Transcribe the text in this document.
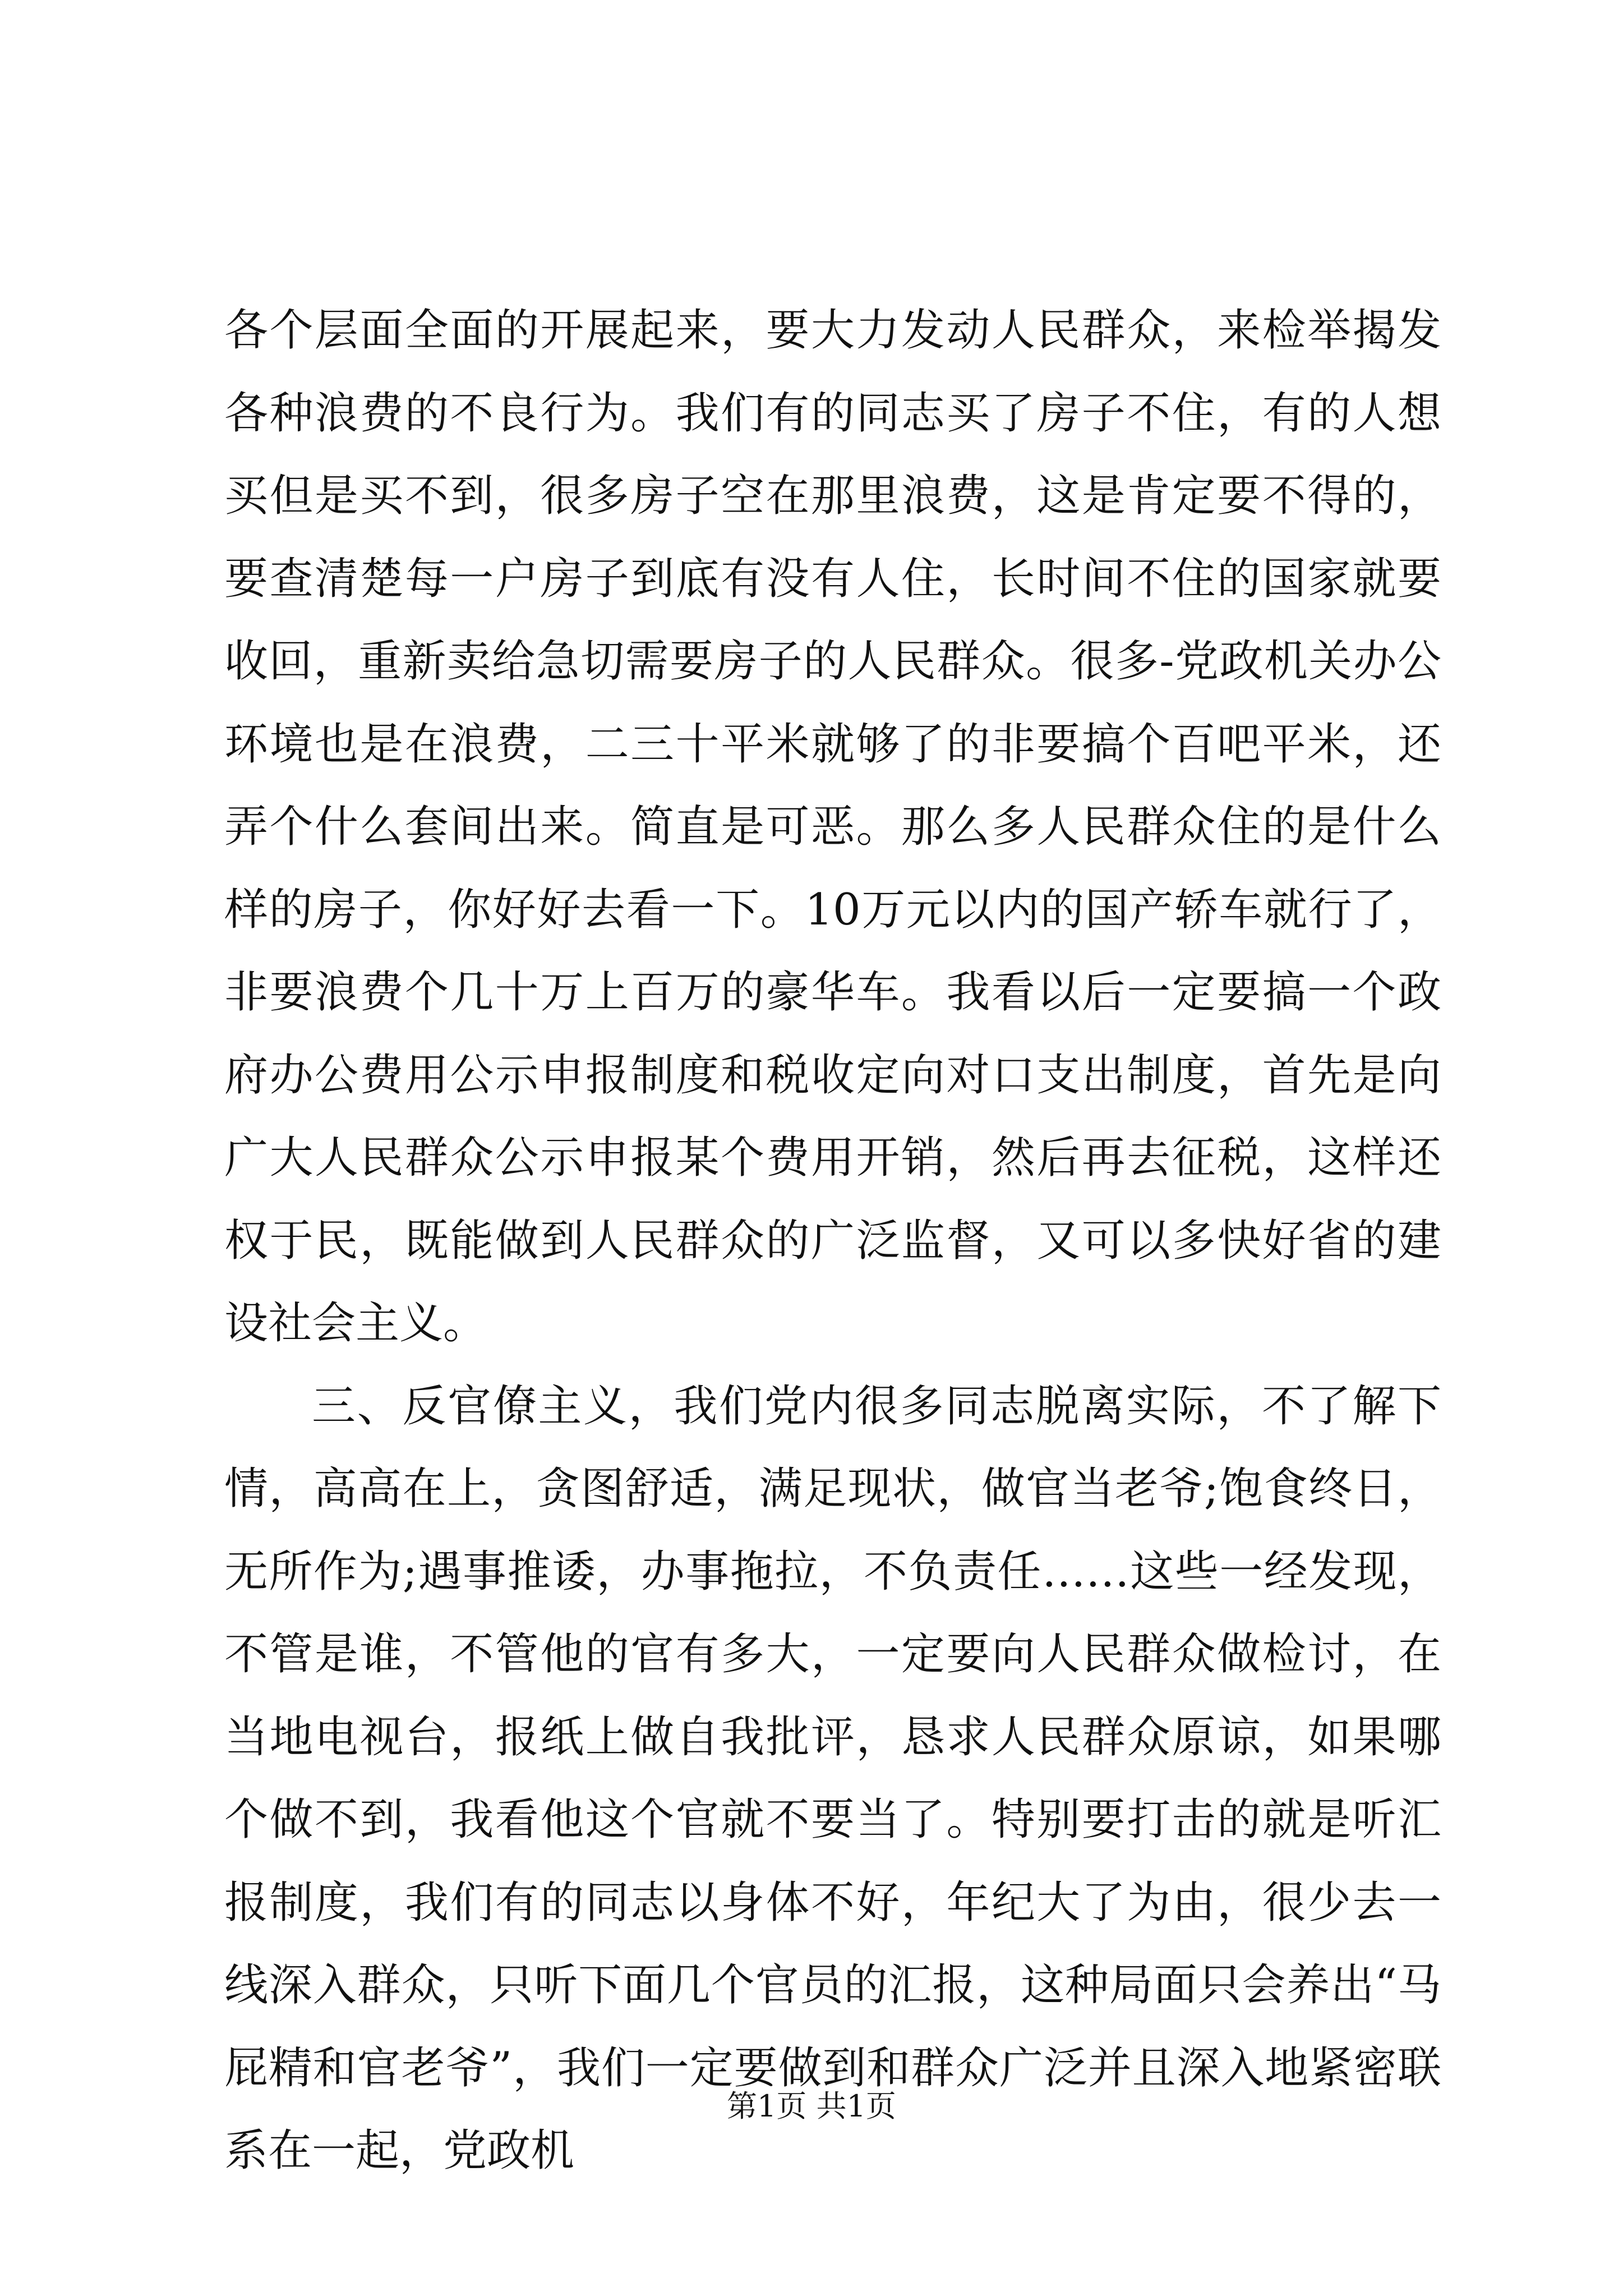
各个层面全面的开展起来，要大力发动人民群众，来检举揭发各种浪费的不良行为。我们有的同志买了房子不住，有的人想买但是买不到，很多房子空在那里浪费，这是肯定要不得的，要查清楚每一户房子到底有没有人住，长时间不住的国家就要收回，重新卖给急切需要房子的人民群众。很多-党政机关办公环境也是在浪费，二三十平米就够了的非要搞个百吧平米，还弄个什么套间出来。简直是可恶。那么多人民群众住的是什么样的房子，你好好去看一下。10万元以内的国产轿车就行了，非要浪费个几十万上百万的豪华车。我看以后一定要搞一个政府办公费用公示申报制度和税收定向对口支出制度，首先是向广大人民群众公示申报某个费用开销，然后再去征税，这样还权于民，既能做到人民群众的广泛监督，又可以多快好省的建设社会主义。

三、反官僚主义，我们党内很多同志脱离实际，不了解下情，高高在上，贪图舒适，满足现状，做官当老爷;饱食终日，无所作为;遇事推诿，办事拖拉，不负责任……这些一经发现，不管是谁，不管他的官有多大，一定要向人民群众做检讨，在当地电视台，报纸上做自我批评，恳求人民群众原谅，如果哪个做不到，我看他这个官就不要当了。特别要打击的就是听汇报制度，我们有的同志以身体不好，年纪大了为由，很少去一线深入群众，只听下面几个官员的汇报，这种局面只会养出“马屁精和官老爷”，我们一定要做到和群众广泛并且深入地紧密联系在一起，党政机

第1页 共1页
